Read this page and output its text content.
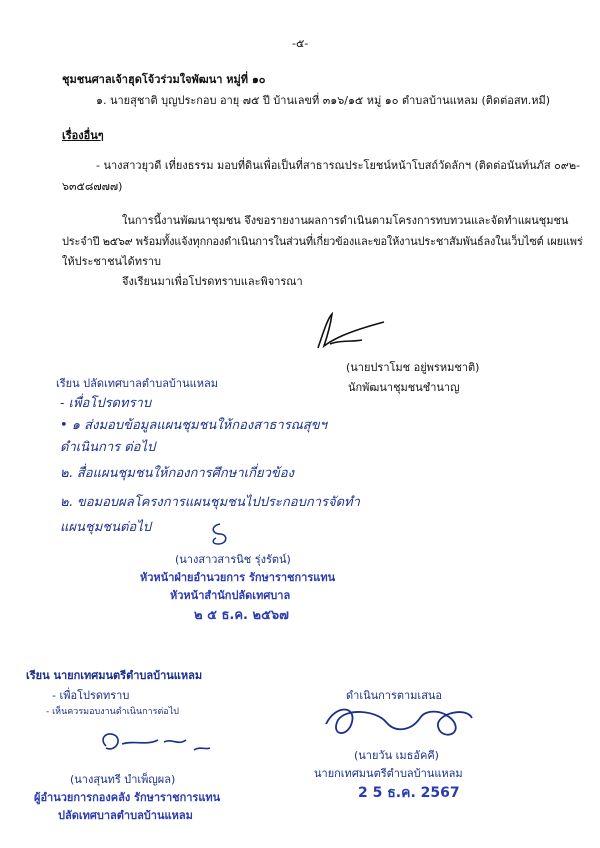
-๕-
ชุมชนศาลเจ้าฮุดโจ้วร่วมใจพัฒนา หมู่ที่ ๑๐
๑. นายสุชาติ บุญประกอบ อายุ ๗๕ ปี บ้านเลขที่ ๓๑๖/๑๕ หมู่ ๑๐ ตำบลบ้านแหลม (ติดต่อสท.หมี)
เรื่องอื่นๆ
- นางสาวยุวดี เที่ยงธรรม มอบที่ดินเพื่อเป็นที่สาธารณประโยชน์หน้าโบสถ์วัดลักฯ (ติดต่อนันท์นภัส ๐๙๒-
๖๓๕๘๗๗๗)
ในการนี้งานพัฒนาชุมชน จึงขอรายงานผลการดำเนินตามโครงการทบทวนและจัดทำแผนชุมชน
ประจำปี ๒๕๖๙ พร้อมทั้งแจ้งทุกกองดำเนินการในส่วนที่เกี่ยวข้องและขอให้งานประชาสัมพันธ์ลงในเว็บไซต์ เผยแพร่
ให้ประชาชนได้ทราบ
จึงเรียนมาเพื่อโปรดทราบและพิจารณา
(นายปราโมช อยู่พรหมชาติ)
นักพัฒนาชุมชนชำนาญ
เรียน ปลัดเทศบาลตำบลบ้านแหลม
- เพื่อโปรดทราบ
• ๑ ส่งมอบข้อมูลแผนชุมชนให้กองสาธารณสุขฯ
ดำเนินการ ต่อไป
๒. สื่อแผนชุมชนให้กองการศึกษาเกี่ยวข้อง
๒. ขอมอบผลโครงการแผนชุมชนไปประกอบการจัดทำ
แผนชุมชนต่อไป
(นางสาวสารนิช รุ่งรัตน์)
หัวหน้าฝ่ายอำนวยการ รักษาราชการแทน
หัวหน้าสำนักปลัดเทศบาล
๒ ๕ ธ.ค. ๒๕๖๗
เรียน นายกเทศมนตรีตำบลบ้านแหลม
- เพื่อโปรดทราบ
- เห็นควรมอบงานดำเนินการต่อไป
(นางสุนทรี บำเพ็ญผล)
ผู้อำนวยการกองคลัง รักษาราชการแทน
ปลัดเทศบาลตำบลบ้านแหลม
ดำเนินการตามเสนอ
(นายวัน เมธอัคคี)
นายกเทศมนตรีตำบลบ้านแหลม
2 5 ธ.ค. 2567
